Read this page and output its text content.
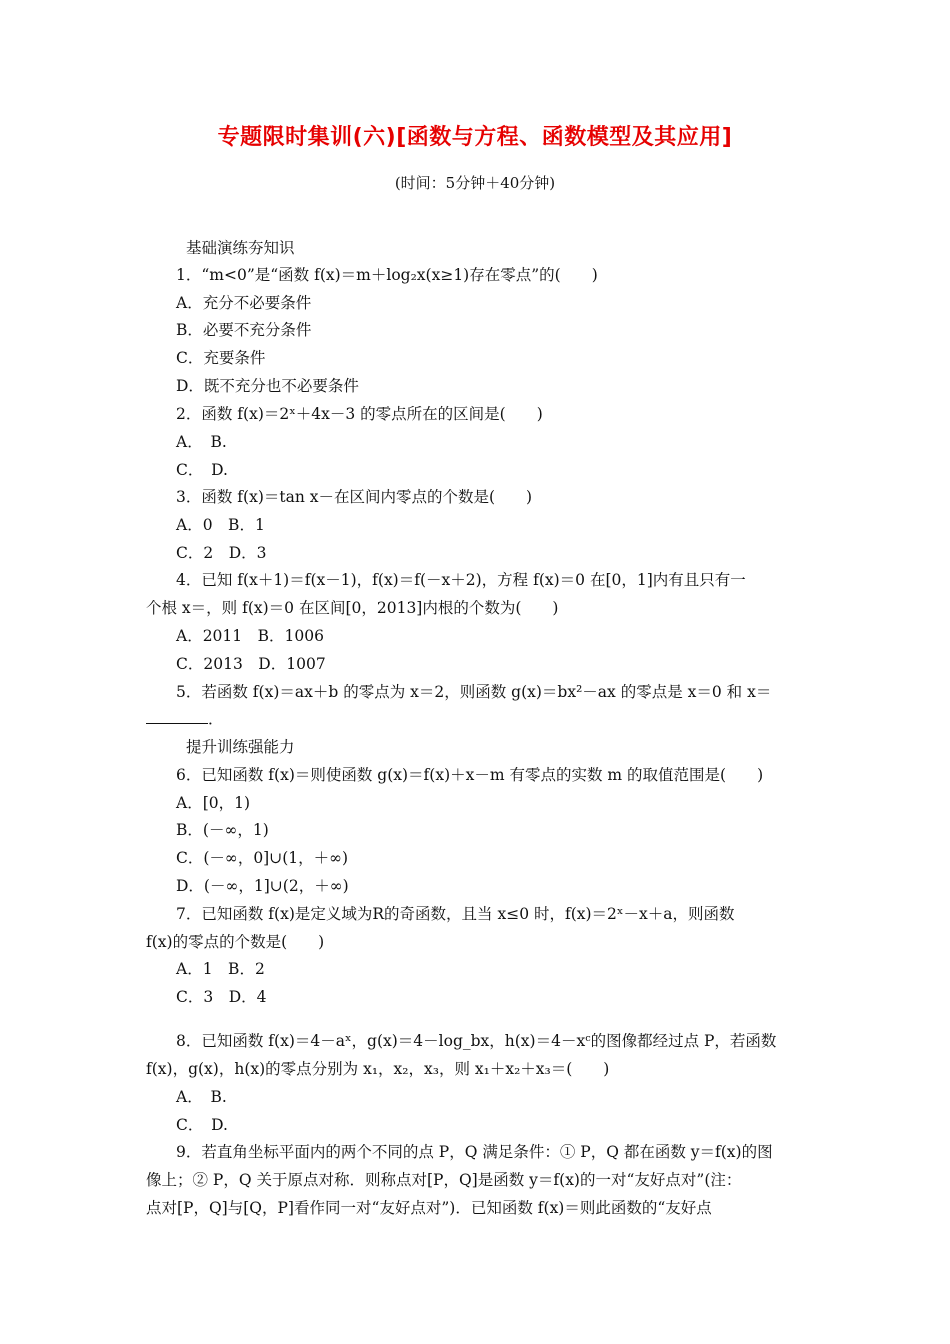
专题限时集训(六)[函数与方程、函数模型及其应用]
(时间：5分钟＋40分钟)
基础演练夯知识
1．“m<0”是“函数 f(x)＝m＋log₂x(x≥1)存在零点”的(　　)
A．充分不必要条件
B．必要不充分条件
C．充要条件
D．既不充分也不必要条件
2．函数 f(x)＝2ˣ＋4x－3 的零点所在的区间是(　　)
A．　B.
C．　D.
3．函数 f(x)＝tan x－在区间内零点的个数是(　　)
A．0　B．1
C．2　D．3
4．已知 f(x＋1)＝f(x－1)，f(x)＝f(－x＋2)，方程 f(x)＝0 在[0，1]内有且只有一
个根 x＝，则 f(x)＝0 在区间[0，2013]内根的个数为(　　)
A．2011　B．1006
C．2013　D．1007
5．若函数 f(x)＝ax＋b 的零点为 x＝2，则函数 g(x)＝bx²－ax 的零点是 x＝0 和 x＝
．
提升训练强能力
6．已知函数 f(x)＝则使函数 g(x)＝f(x)＋x－m 有零点的实数 m 的取值范围是(　　)
A．[0，1)
B．(－∞，1)
C．(－∞，0]∪(1，＋∞)
D．(－∞，1]∪(2，＋∞)
7．已知函数 f(x)是定义域为R的奇函数，且当 x≤0 时，f(x)＝2ˣ－x＋a，则函数
f(x)的零点的个数是(　　)
A．1　B．2
C．3　D．4
8．已知函数 f(x)＝4－aˣ，g(x)＝4－log_bx，h(x)＝4－xᶜ的图像都经过点 P，若函数
f(x)，g(x)，h(x)的零点分别为 x₁，x₂，x₃，则 x₁＋x₂＋x₃＝(　　)
A．　B.
C．　D.
9．若直角坐标平面内的两个不同的点 P，Q 满足条件：① P，Q 都在函数 y＝f(x)的图
像上；② P，Q 关于原点对称．则称点对[P，Q]是函数 y＝f(x)的一对“友好点对”(注：
点对[P，Q]与[Q，P]看作同一对“友好点对”)．已知函数 f(x)＝则此函数的“友好点
